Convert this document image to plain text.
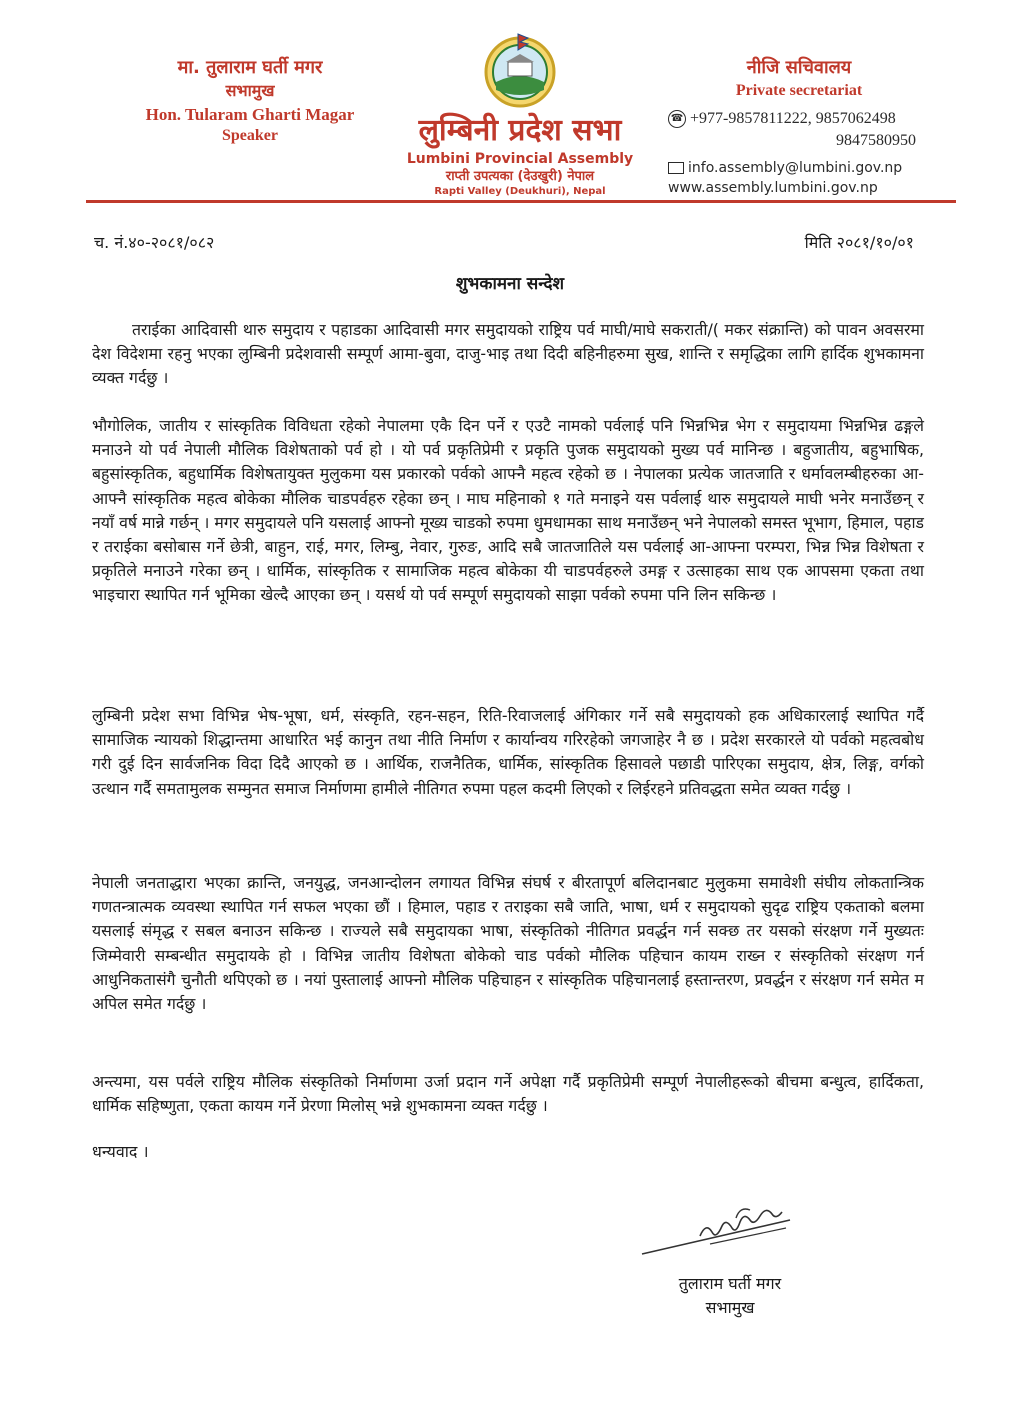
मा. तुलाराम घर्ती मगर
सभामुख
Hon. Tularam Gharti Magar
Speaker	लुम्बिनी प्रदेश सभा
Lumbini Provincial Assembly
राप्ती उपत्यका (देउखुरी) नेपाल
Rapti Valley (Deukhuri), Nepal
नीजि सचिवालय
Private secretariat
☎ +977-9857811222, 9857062498
9847580950
info.assembly@lumbini.gov.np
www.assembly.lumbini.gov.np
च. नं.४०-२०८१/०८२	मिति २०८१/१०/०१
शुभकामना सन्देश

तराईका आदिवासी थारु समुदाय र पहाडका आदिवासी मगर समुदायको राष्ट्रिय पर्व माघी/माघे सकराती/( मकर संक्रान्ति) को पावन अवसरमा देश विदेशमा रहनु भएका लुम्बिनी प्रदेशवासी सम्पूर्ण आमा-बुवा, दाजु-भाइ तथा दिदी बहिनीहरुमा सुख, शान्ति र समृद्धिका लागि हार्दिक शुभकामना व्यक्त गर्दछु ।

भौगोलिक, जातीय र सांस्कृतिक विविधता रहेको नेपालमा एकै दिन पर्ने र एउटै नामको पर्वलाई पनि भिन्नभिन्न भेग र समुदायमा भिन्नभिन्न ढङ्गले मनाउने यो पर्व नेपाली मौलिक विशेषताको पर्व हो । यो पर्व प्रकृतिप्रेमी र प्रकृति पुजक समुदायको मुख्य पर्व मानिन्छ । बहुजातीय, बहुभाषिक, बहुसांस्कृतिक, बहुधार्मिक विशेषतायुक्त मुलुकमा यस प्रकारको पर्वको आफ्नै महत्व रहेको छ । नेपालका प्रत्येक जातजाति र धर्मावलम्बीहरुका आ-आफ्नै सांस्कृतिक महत्व बोकेका मौलिक चाडपर्वहरु रहेका छन् । माघ महिनाको १ गते मनाइने यस पर्वलाई थारु समुदायले माघी भनेर मनाउँछन् र नयाँ वर्ष मान्ने गर्छन् । मगर समुदायले पनि यसलाई आफ्नो मूख्य चाडको रुपमा धुमधामका साथ मनाउँछन् भने नेपालको समस्त भूभाग, हिमाल, पहाड र तराईका बसोबास गर्ने छेत्री, बाहुन, राई, मगर, लिम्बु, नेवार, गुरुङ, आदि सबै जातजातिले यस पर्वलाई आ-आफ्ना परम्परा, भिन्न भिन्न विशेषता र प्रकृतिले मनाउने गरेका छन् । धार्मिक, सांस्कृतिक र सामाजिक महत्व बोकेका यी चाडपर्वहरुले उमङ्ग र उत्साहका साथ एक आपसमा एकता तथा भाइचारा स्थापित गर्न भूमिका खेल्दै आएका छन् । यसर्थ यो पर्व सम्पूर्ण समुदायको साझा पर्वको रुपमा पनि लिन सकिन्छ ।

लुम्बिनी प्रदेश सभा विभिन्न भेष-भूषा, धर्म, संस्कृति, रहन-सहन, रिति-रिवाजलाई अंगिकार गर्ने सबै समुदायको हक अधिकारलाई स्थापित गर्दै सामाजिक न्यायको शिद्धान्तमा आधारित भई कानुन तथा नीति निर्माण र कार्यान्वय गरिरहेको जगजाहेर नै छ । प्रदेश सरकारले यो पर्वको महत्वबोध गरी दुई दिन सार्वजनिक विदा दिदै आएको छ । आर्थिक, राजनैतिक, धार्मिक, सांस्कृतिक हिसावले पछाडी पारिएका समुदाय, क्षेत्र, लिङ्ग, वर्गको उत्थान गर्दै समतामुलक सम्मुनत समाज निर्माणमा हामीले नीतिगत रुपमा पहल कदमी लिएको र लिईरहने प्रतिवद्धता समेत व्यक्त गर्दछु ।

नेपाली जनताद्धारा भएका क्रान्ति, जनयुद्ध, जनआन्दोलन लगायत विभिन्न संघर्ष र बीरतापूर्ण बलिदानबाट मुलुकमा समावेशी संघीय लोकतान्त्रिक गणतन्त्रात्मक व्यवस्था स्थापित गर्न सफल भएका छौं । हिमाल, पहाड र तराइका सबै जाति, भाषा, धर्म र समुदायको सुदृढ राष्ट्रिय एकताको बलमा यसलाई संमृद्ध र सबल बनाउन सकिन्छ । राज्यले सबै समुदायका भाषा, संस्कृतिको नीतिगत प्रवर्द्धन गर्न सक्छ तर यसको संरक्षण गर्ने मुख्यतः जिम्मेवारी सम्बन्धीत समुदायके हो । विभिन्न जातीय विशेषता बोकेको चाड पर्वको मौलिक पहिचान कायम राख्न र संस्कृतिको संरक्षण गर्न आधुनिकतासंगै चुनौती थपिएको छ । नयां पुस्तालाई आफ्नो मौलिक पहिचाहन र सांस्कृतिक पहिचानलाई हस्तान्तरण, प्रवर्द्धन र संरक्षण गर्न समेत म अपिल समेत गर्दछु ।

अन्त्यमा, यस पर्वले राष्ट्रिय मौलिक संस्कृतिको निर्माणमा उर्जा प्रदान गर्ने अपेक्षा गर्दै प्रकृतिप्रेमी सम्पूर्ण नेपालीहरूको बीचमा बन्धुत्व, हार्दिकता, धार्मिक सहिष्णुता, एकता कायम गर्ने प्रेरणा मिलोस् भन्ने शुभकामना व्यक्त गर्दछु ।

धन्यवाद ।
तुलाराम घर्ती मगर
सभामुख
